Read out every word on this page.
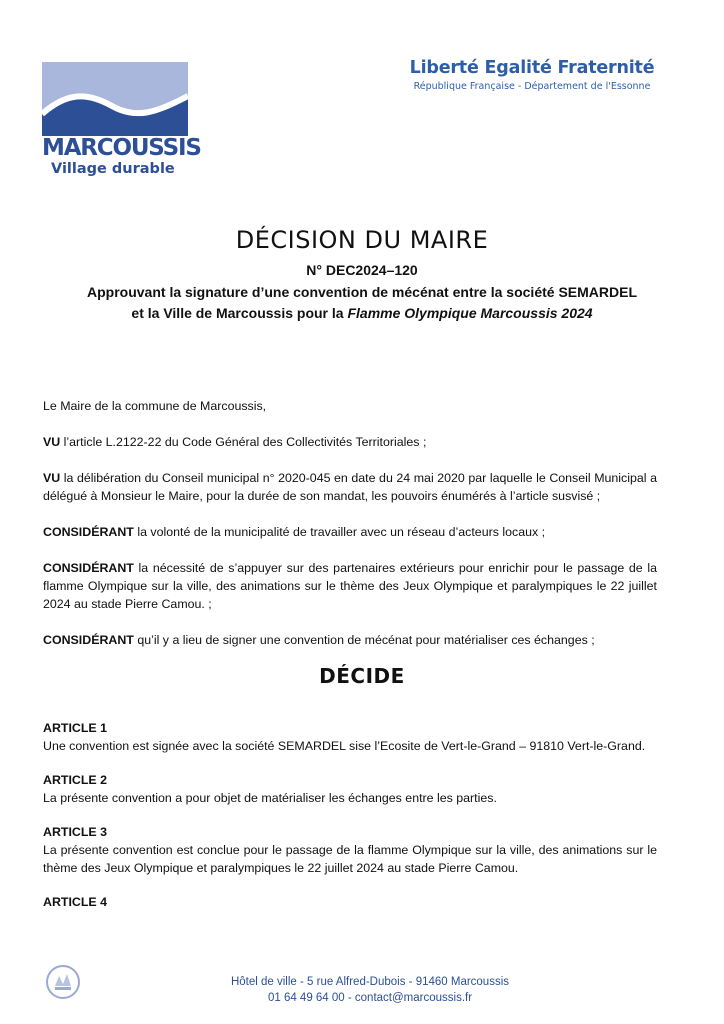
MARCOUSSIS
Village durable
Liberté Egalité Fraternité
République Française - Département de l'Essonne
DÉCISION DU MAIRE
N° DEC2024–120
Approuvant la signature d’une convention de mécénat entre la société SEMARDEL
et la Ville de Marcoussis pour la Flamme Olympique Marcoussis 2024

Le Maire de la commune de Marcoussis,

VU l’article L.2122-22 du Code Général des Collectivités Territoriales ;

VU la délibération du Conseil municipal n° 2020-045 en date du 24 mai 2020 par laquelle le Conseil Municipal a délégué à Monsieur le Maire, pour la durée de son mandat, les pouvoirs énumérés à l’article susvisé ;

CONSIDÉRANT la volonté de la municipalité de travailler avec un réseau d’acteurs locaux ;

CONSIDÉRANT la nécessité de s’appuyer sur des partenaires extérieurs pour enrichir pour le passage de la flamme Olympique sur la ville, des animations sur le thème des Jeux Olympique et paralympiques le 22 juillet 2024 au stade Pierre Camou. ;

CONSIDÉRANT qu’il y a lieu de signer une convention de mécénat pour matérialiser ces échanges ;

DÉCIDE
ARTICLE 1
Une convention est signée avec la société SEMARDEL sise l’Ecosite de Vert-le-Grand – 91810 Vert-le-Grand.
ARTICLE 2
La présente convention a pour objet de matérialiser les échanges entre les parties.
ARTICLE 3
La présente convention est conclue pour le passage de la flamme Olympique sur la ville, des animations sur le thème des Jeux Olympique et paralympiques le 22 juillet 2024 au stade Pierre Camou.
ARTICLE 4
Hôtel de ville - 5 rue Alfred-Dubois - 91460 Marcoussis
01 64 49 64 00 - contact@marcoussis.fr
